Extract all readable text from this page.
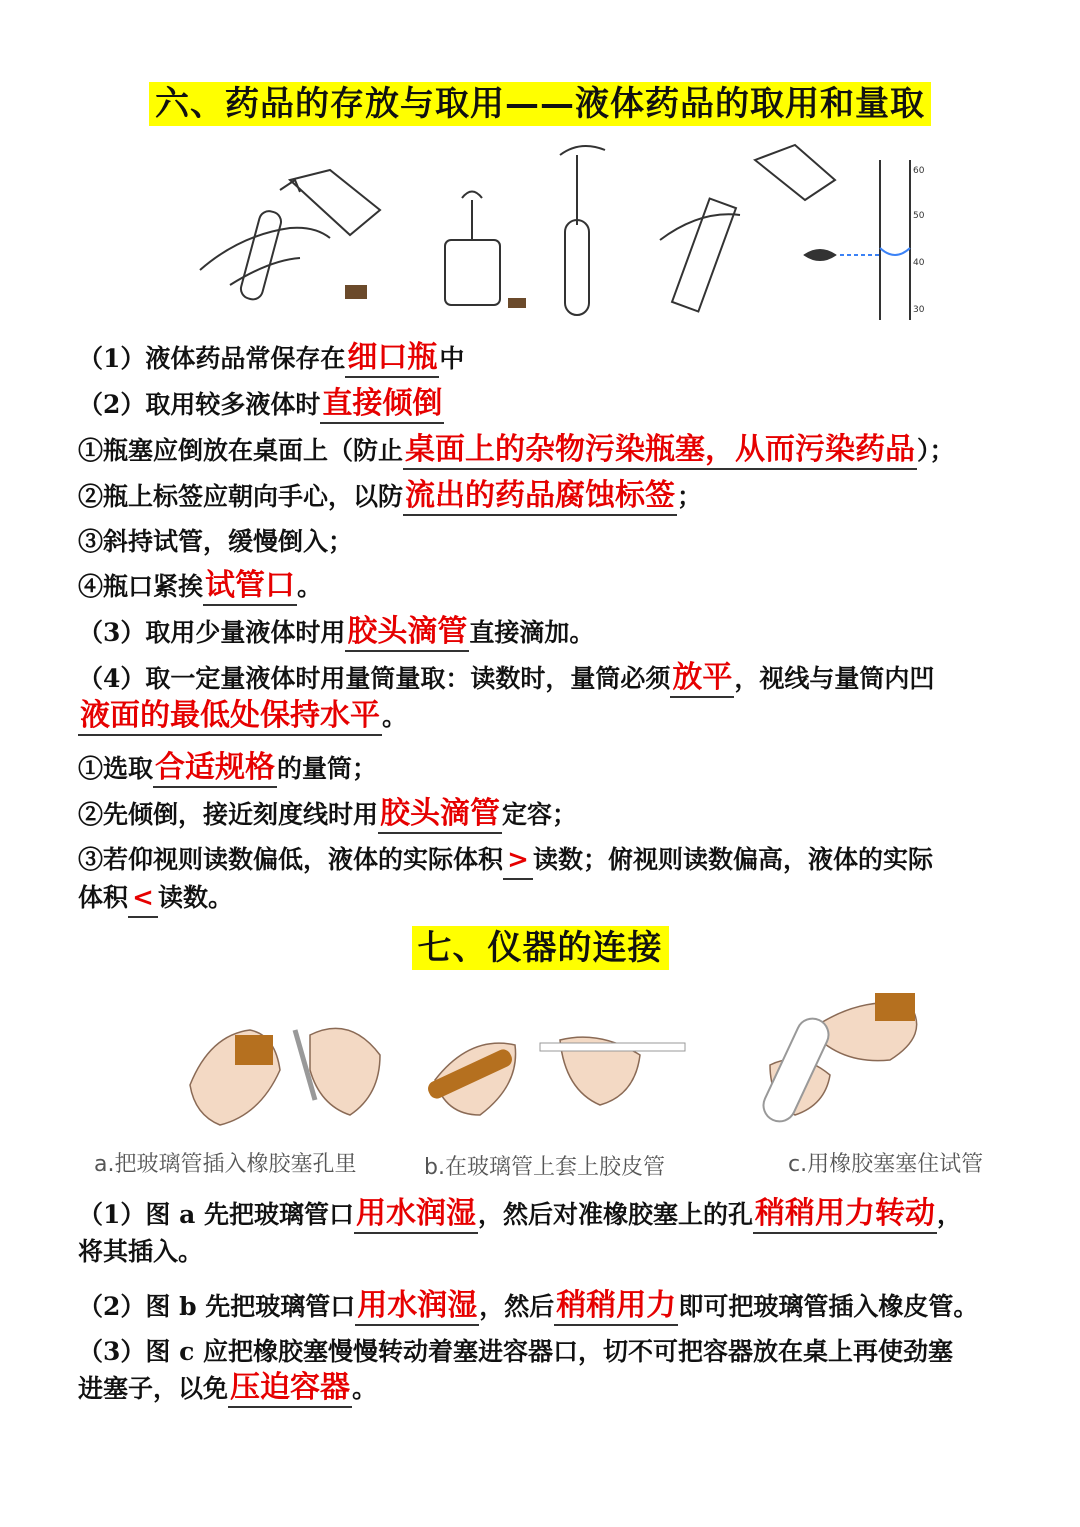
六、药品的存放与取用——液体药品的取用和量取
60
50
40
30
（1）液体药品常保存在细口瓶中
（2）取用较多液体时直接倾倒
①瓶塞应倒放在桌面上（防止桌面上的杂物污染瓶塞，从而污染药品）；
②瓶上标签应朝向手心，以防流出的药品腐蚀标签；
③斜持试管，缓慢倒入；
④瓶口紧挨试管口。
（3）取用少量液体时用胶头滴管直接滴加。
（4）取一定量液体时用量筒量取：读数时，量筒必须放平，视线与量筒内凹
液面的最低处保持水平。
①选取合适规格的量筒；
②先倾倒，接近刻度线时用胶头滴管定容；
③若仰视则读数偏低，液体的实际体积 > 读数；俯视则读数偏高，液体的实际
体积 < 读数。
七、仪器的连接
a.把玻璃管插入橡胶塞孔里	b.在玻璃管上套上胶皮管	c.用橡胶塞塞住试管
（1）图 a 先把玻璃管口用水润湿，然后对准橡胶塞上的孔稍稍用力转动，
将其插入。
（2）图 b 先把玻璃管口用水润湿，然后稍稍用力即可把玻璃管插入橡皮管。
（3）图 c 应把橡胶塞慢慢转动着塞进容器口，切不可把容器放在桌上再使劲塞
进塞子，以免压迫容器。
